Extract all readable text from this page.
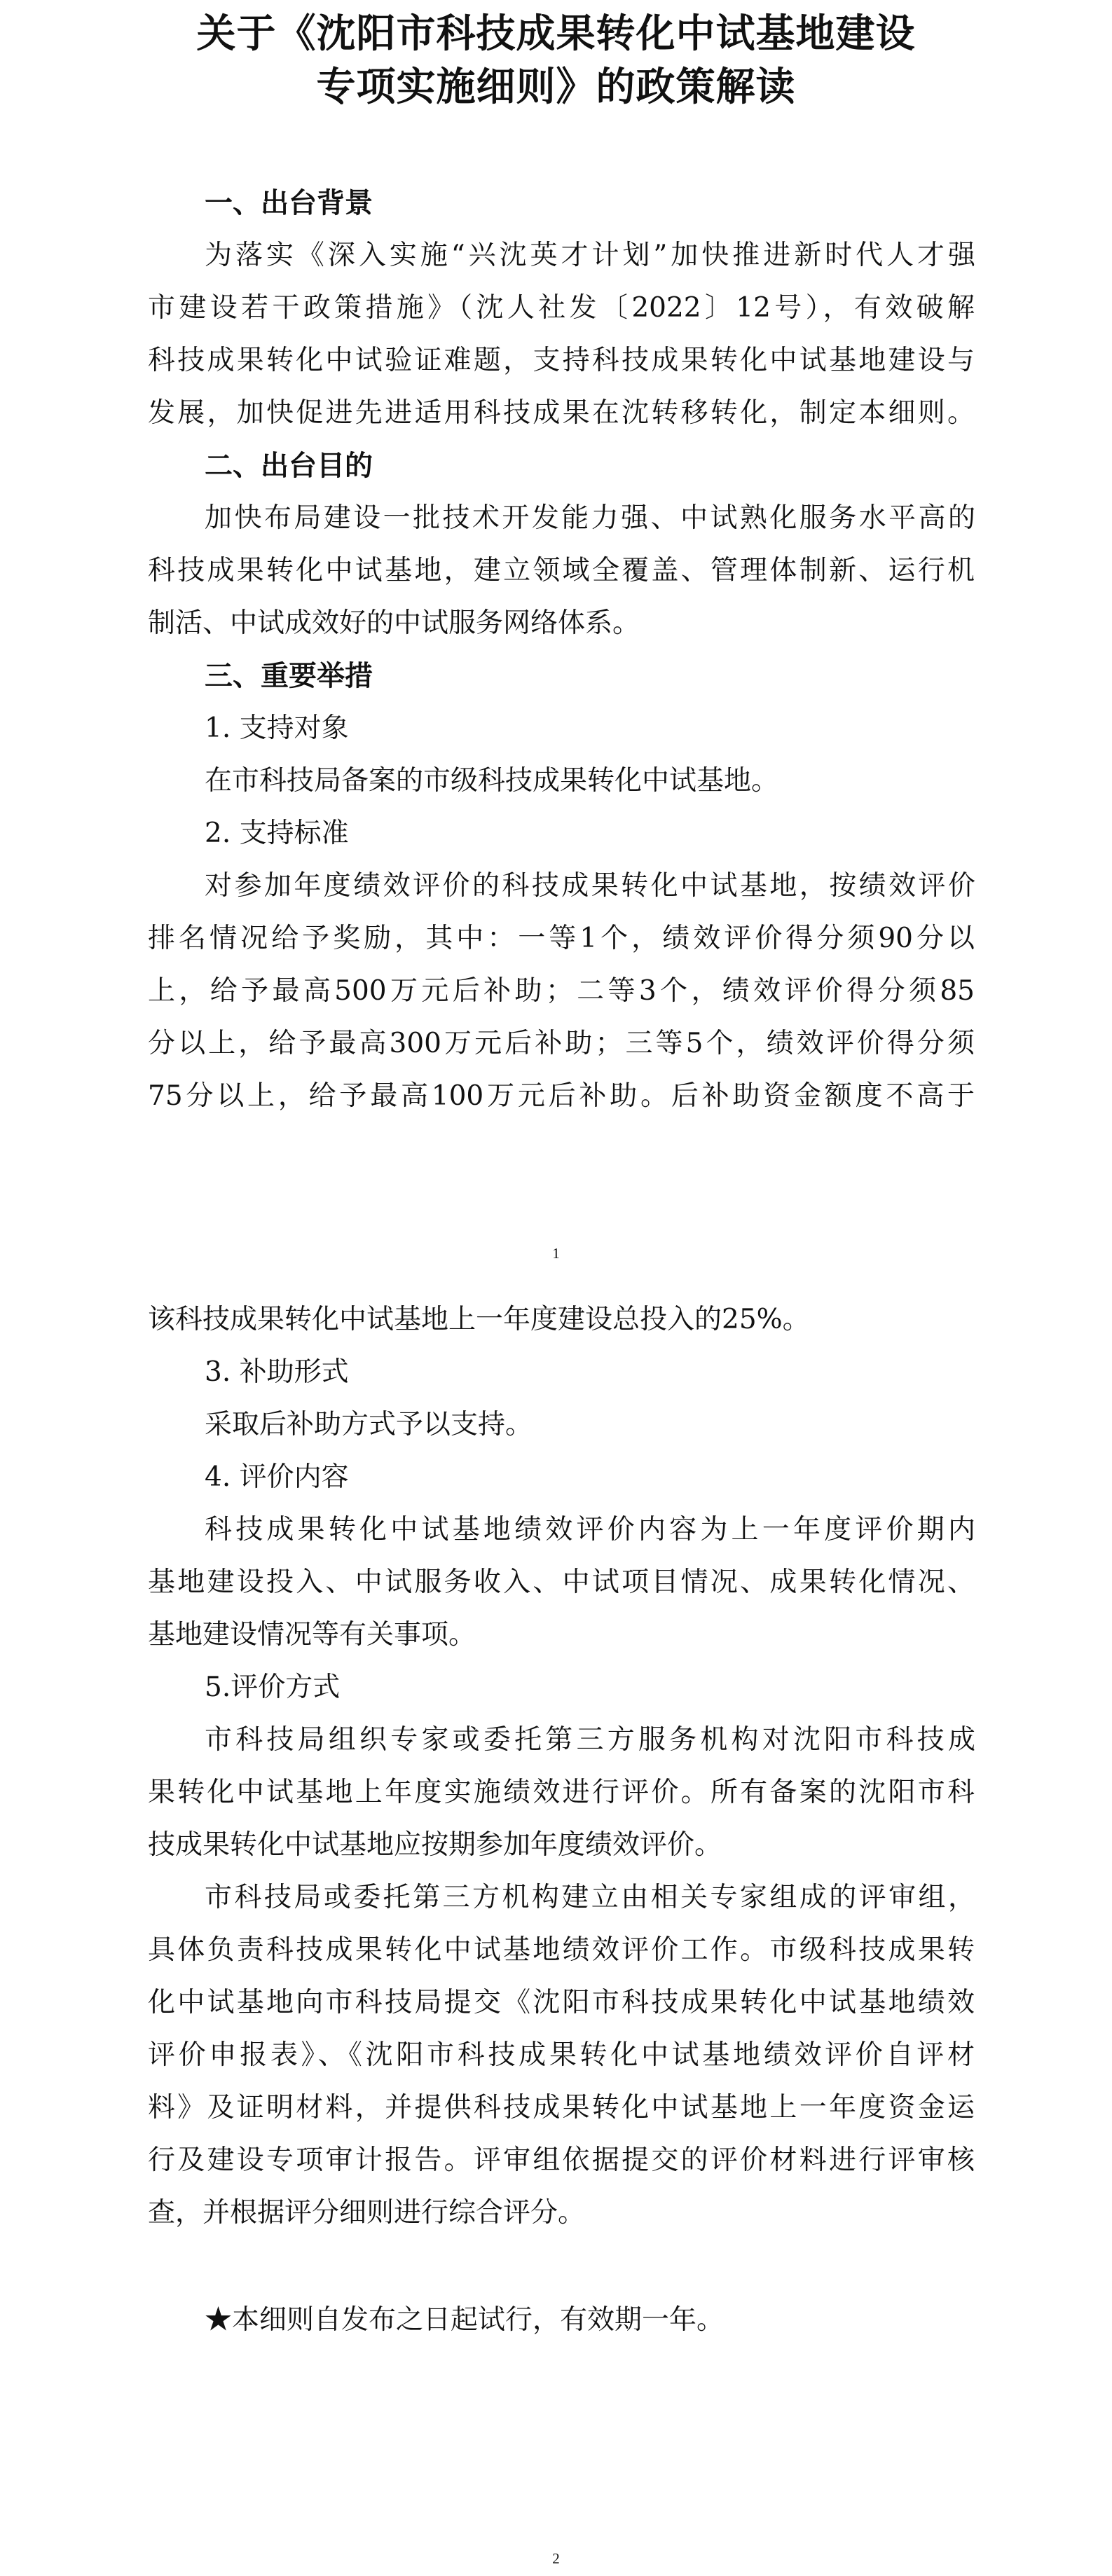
关于《沈阳市科技成果转化中试基地建设
专项实施细则》的政策解读
一、出台背景
为落实《深入实施“兴沈英才计划”加快推进新时代人才强
市建设若干政策措施》（沈人社发〔2022〕12号），有效破解
科技成果转化中试验证难题，支持科技成果转化中试基地建设与
发展，加快促进先进适用科技成果在沈转移转化，制定本细则。
二、出台目的
加快布局建设一批技术开发能力强、中试熟化服务水平高的
科技成果转化中试基地，建立领域全覆盖、管理体制新、运行机
制活、中试成效好的中试服务网络体系。
三、重要举措
1. 支持对象
在市科技局备案的市级科技成果转化中试基地。
2. 支持标准
对参加年度绩效评价的科技成果转化中试基地，按绩效评价
排名情况给予奖励，其中：一等1个，绩效评价得分须90分以
上，给予最高500万元后补助；二等3个，绩效评价得分须85
分以上，给予最高300万元后补助；三等5个，绩效评价得分须
75分以上，给予最高100万元后补助。后补助资金额度不高于
1
该科技成果转化中试基地上一年度建设总投入的25%。
3. 补助形式
采取后补助方式予以支持。
4. 评价内容
科技成果转化中试基地绩效评价内容为上一年度评价期内
基地建设投入、中试服务收入、中试项目情况、成果转化情况、
基地建设情况等有关事项。
5.评价方式
市科技局组织专家或委托第三方服务机构对沈阳市科技成
果转化中试基地上年度实施绩效进行评价。所有备案的沈阳市科
技成果转化中试基地应按期参加年度绩效评价。
市科技局或委托第三方机构建立由相关专家组成的评审组，
具体负责科技成果转化中试基地绩效评价工作。市级科技成果转
化中试基地向市科技局提交《沈阳市科技成果转化中试基地绩效
评价申报表》、《沈阳市科技成果转化中试基地绩效评价自评材
料》及证明材料，并提供科技成果转化中试基地上一年度资金运
行及建设专项审计报告。评审组依据提交的评价材料进行评审核
查，并根据评分细则进行综合评分。
★本细则自发布之日起试行，有效期一年。
2
